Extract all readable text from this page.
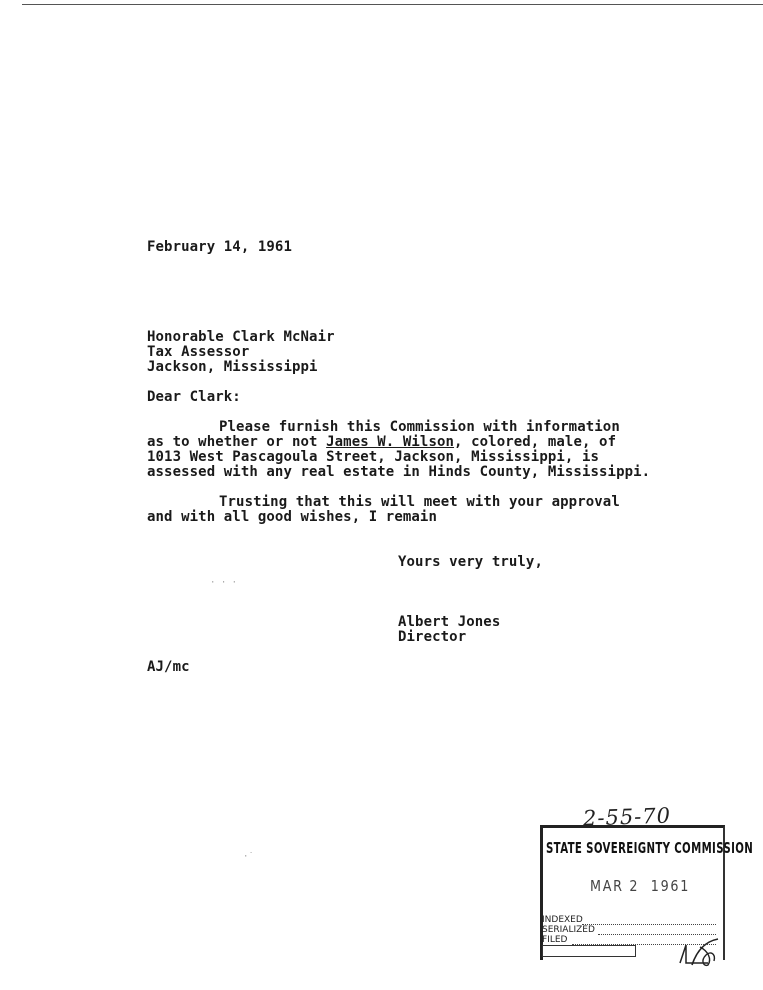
February 14, 1961
Honorable Clark McNair
Tax Assessor
Jackson, Mississippi
Dear Clark:
Please furnish this Commission with information
as to whether or not James W. Wilson, colored, male, of
1013 West Pascagoula Street, Jackson, Mississippi, is
assessed with any real estate in Hinds County, Mississippi.
Trusting that this will meet with your approval
and with all good wishes, I remain
Yours very truly,
Albert Jones
Director
AJ/mc
· · ·
·˙
2-55-70
STATE SOVEREIGNTY COMMISSION
MAR 2  1961
INDEXED
SERIALIZED
FILED
